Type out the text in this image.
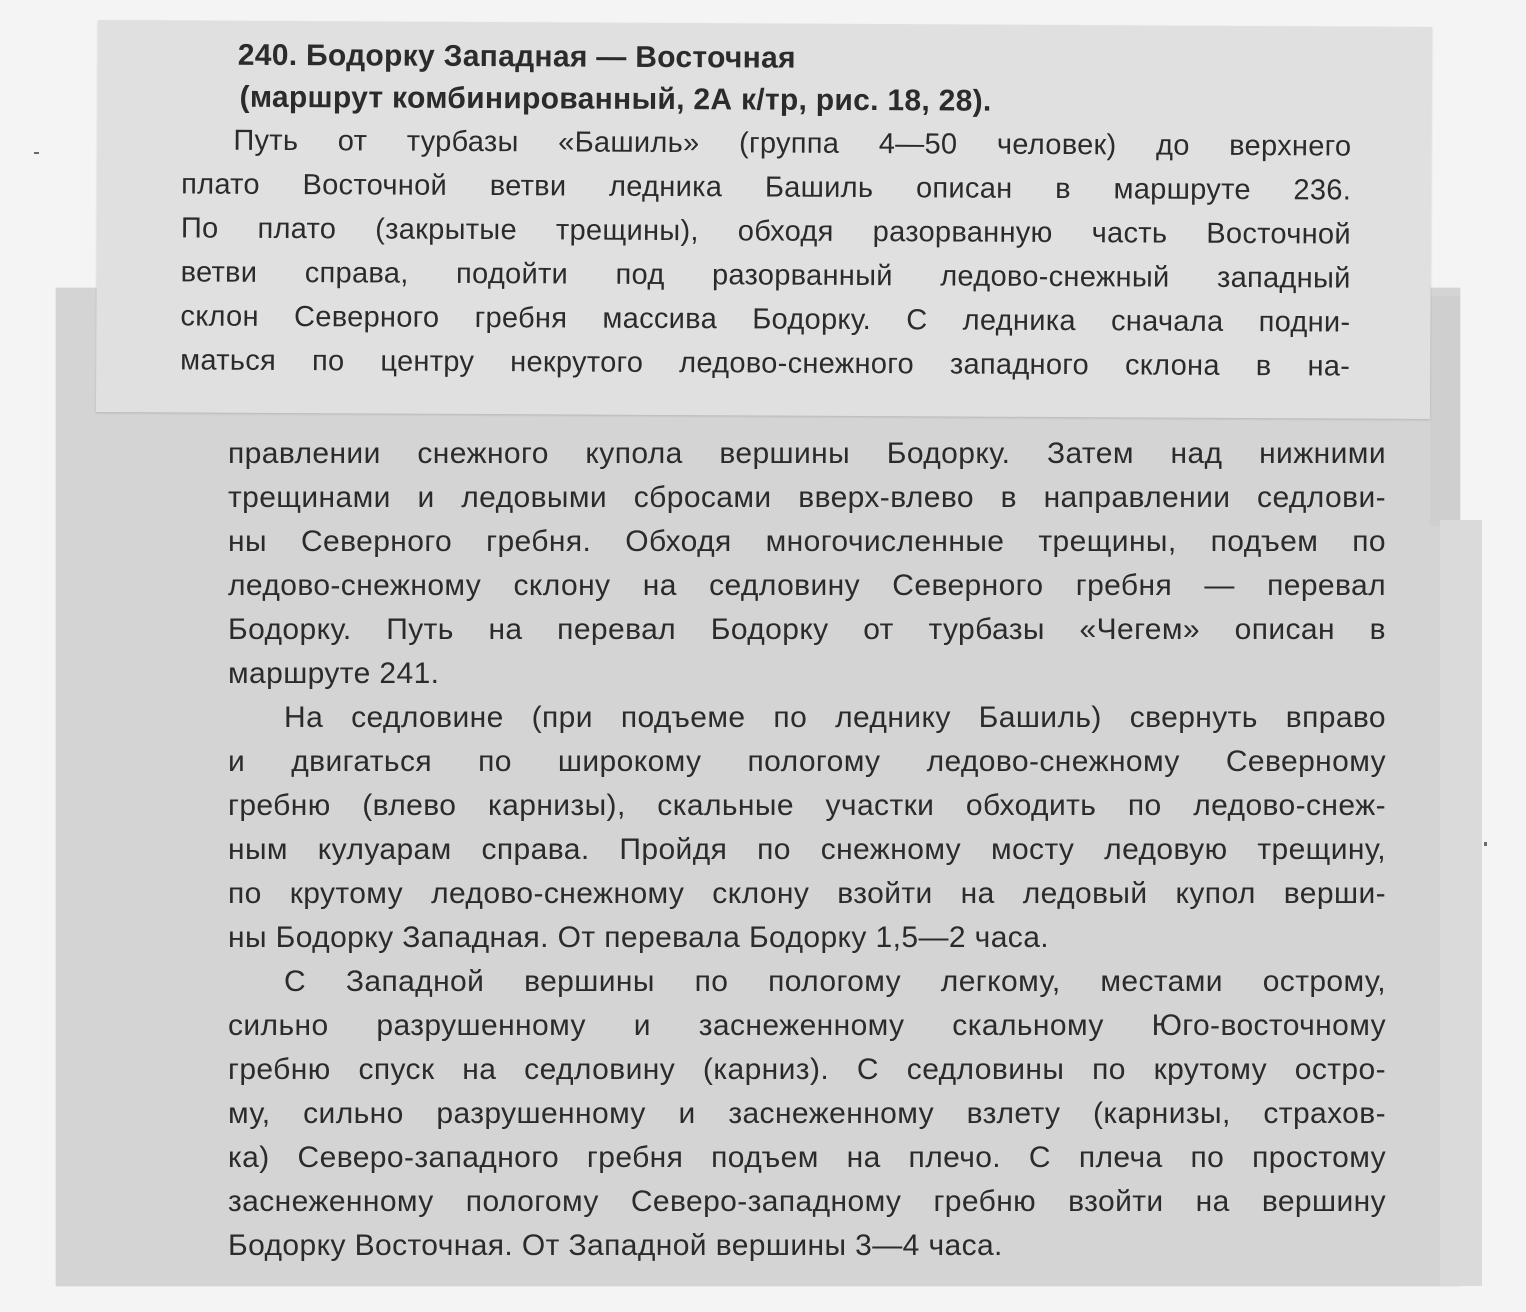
240. Бодорку Западная — Восточная
(маршрут комбинированный, 2А к/тр, рис. 18, 28).
Путь от турбазы «Башиль» (группа 4—50 человек) до верхнего
плато Восточной ветви ледника Башиль описан в маршруте 236.
По плато (закрытые трещины), обходя разорванную часть Восточной
ветви справа, подойти под разорванный ледово-снежный западный
склон Северного гребня массива Бодорку. С ледника сначала подни-
маться по центру некрутого ледово-снежного западного склона в на-
правлении снежного купола вершины Бодорку. Затем над нижними
трещинами и ледовыми сбросами вверх-влево в направлении седлови-
ны Северного гребня. Обходя многочисленные трещины, подъем по
ледово-снежному склону на седловину Северного гребня — перевал
Бодорку. Путь на перевал Бодорку от турбазы «Чегем» описан в
маршруте 241.
На седловине (при подъеме по леднику Башиль) свернуть вправо
и двигаться по широкому пологому ледово-снежному Северному
гребню (влево карнизы), скальные участки обходить по ледово-снеж-
ным кулуарам справа. Пройдя по снежному мосту ледовую трещину,
по крутому ледово-снежному склону взойти на ледовый купол верши-
ны Бодорку Западная. От перевала Бодорку 1,5—2 часа.
С Западной вершины по пологому легкому, местами острому,
сильно разрушенному и заснеженному скальному Юго-восточному
гребню спуск на седловину (карниз). С седловины по крутому остро-
му, сильно разрушенному и заснеженному взлету (карнизы, страхов-
ка) Северо-западного гребня подъем на плечо. С плеча по простому
заснеженному пологому Северо-западному гребню взойти на вершину
Бодорку Восточная. От Западной вершины 3—4 часа.
